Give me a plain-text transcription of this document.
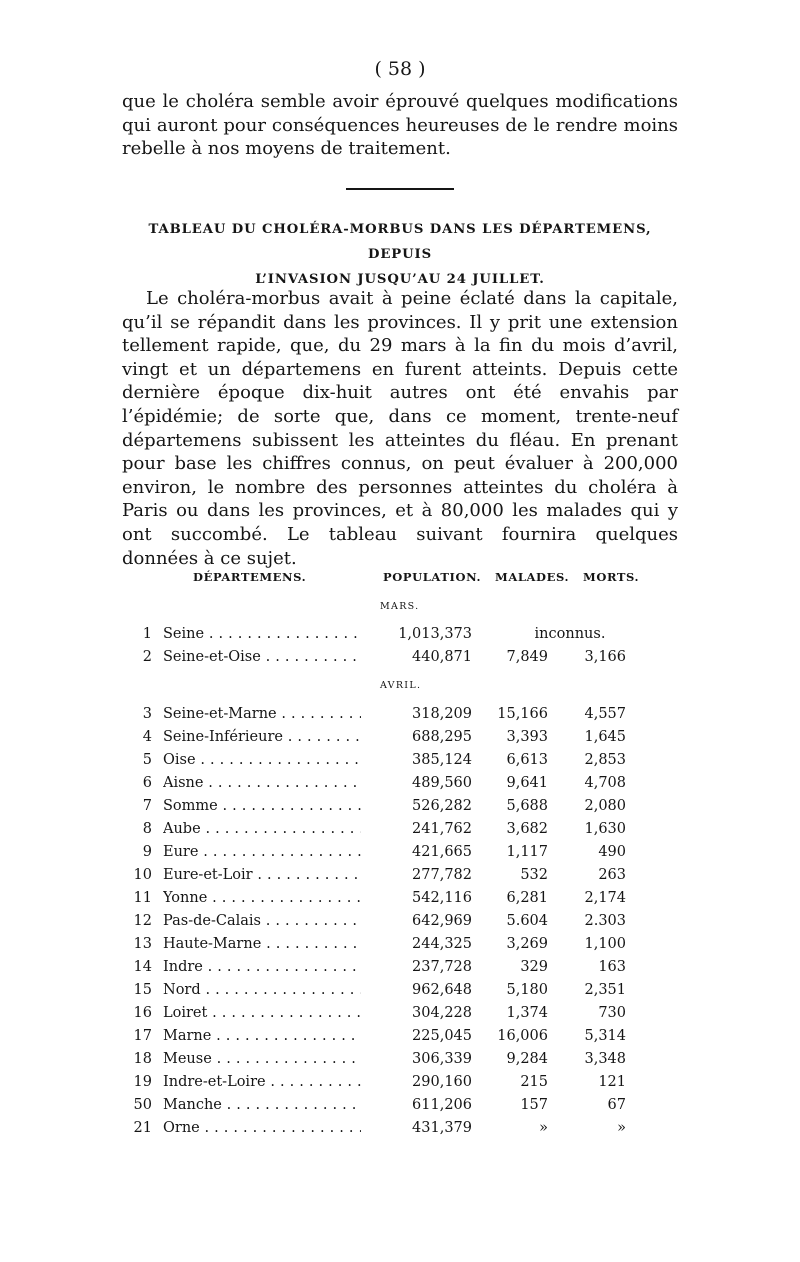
( 58 )

que le choléra semble avoir éprouvé quelques modifications qui auront pour conséquences heureuses de le rendre moins rebelle à nos moyens de traitement.

TABLEAU DU CHOLÉRA-MORBUS DANS LES DÉPARTEMENS, DEPUIS
L’INVASION JUSQU’AU 24 JUILLET.

Le choléra-morbus avait à peine éclaté dans la capitale, qu’il se répandit dans les provinces. Il y prit une extension tellement rapide, que, du 29 mars à la fin du mois d’avril, vingt et un départemens en furent atteints. Depuis cette dernière époque dix-huit autres ont été envahis par l’épidémie; de sorte que, dans ce moment, trente-neuf départemens subissent les atteintes du fléau. En prenant pour base les chiffres connus, on peut évaluer à 200,000 environ, le nombre des personnes atteintes du choléra à Paris ou dans les provinces, et à 80,000 les malades qui y ont succombé. Le tableau suivant fournira quelques données à ce sujet.

DÉPARTEMENS.	POPULATION. MALADES. MORTS.
MARS.
1 Seine . . .	1,013,373	inconnus.
2 Seine-et-Oise . . .	440,871	7,849	3,166
AVRIL.
3 Seine-et-Marne . . .	318,209	15,166	4,557
4 Seine-Inférieure . . .	688,295	3,393	1,645
5 Oise . . .	385,124	6,613	2,853
6 Aisne . . .	489,560	9,641	4,708
7 Somme . . .	526,282	5,688	2,080
8 Aube . . .	241,762	3,682	1,630
9 Eure . . .	421,665	1,117	490
10 Eure-et-Loir . . .	277,782	532	263
11 Yonne . . .	542,116	6,281	2,174
12 Pas-de-Calais . . .	642,969	5.604	2.303
13 Haute-Marne . . .	244,325	3,269	1,100
14 Indre . . .	237,728	329	163
15 Nord . . .	962,648	5,180	2,351
16 Loiret . . .	304,228	1,374	730
17 Marne . . .	225,045	16,006	5,314
18 Meuse . . .	306,339	9,284	3,348
19 Indre-et-Loire . . .	290,160	215	121
50 Manche . . .	611,206	157	67
21 Orne . . .	431,379	»	»
